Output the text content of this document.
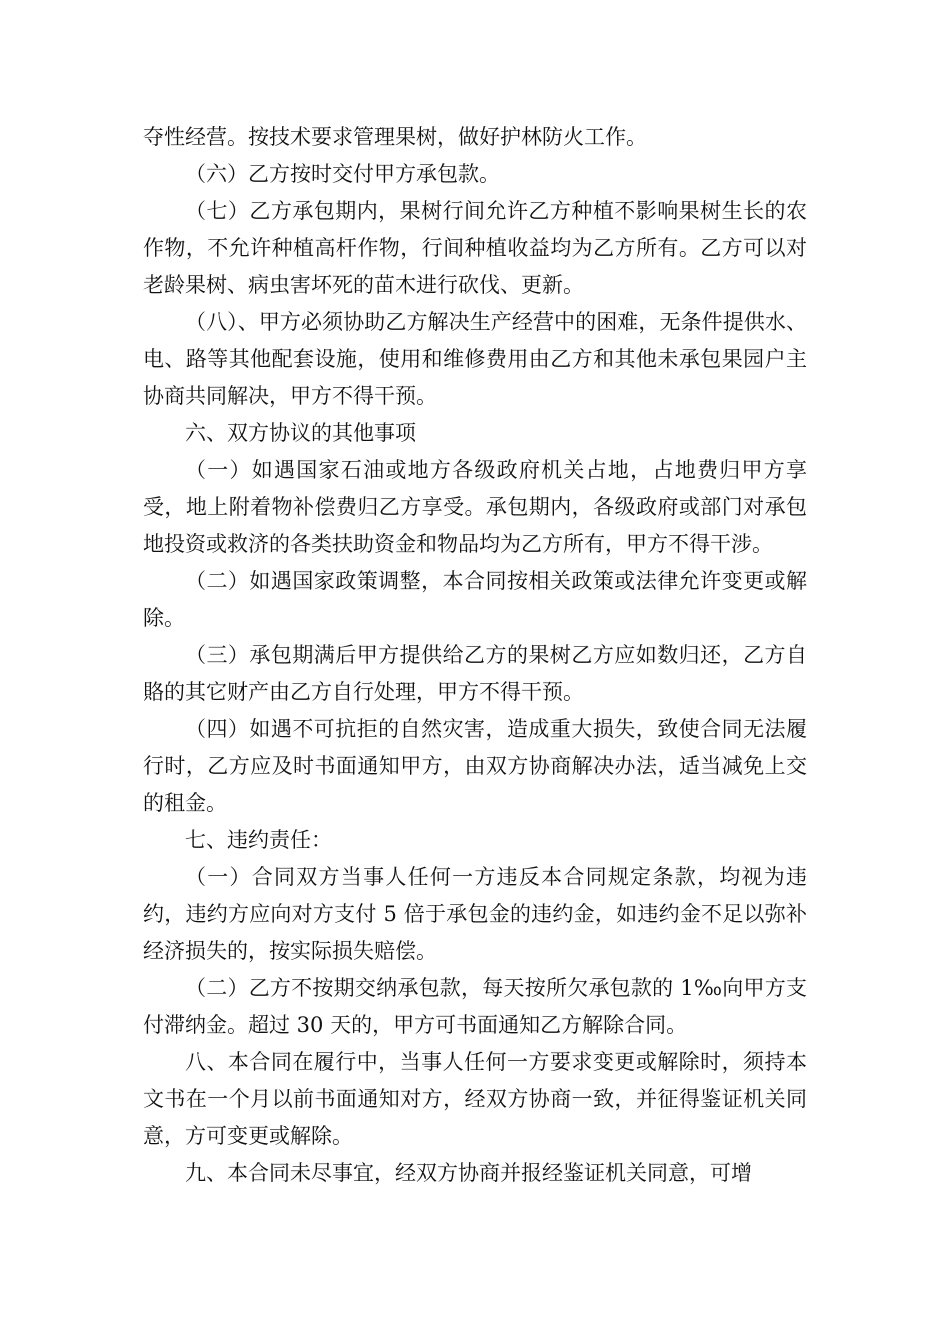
夺性经营。按技术要求管理果树，做好护林防火工作。

（六）乙方按时交付甲方承包款。

（七）乙方承包期内，果树行间允许乙方种植不影响果树生长的农作物，不允许种植高杆作物，行间种植收益均为乙方所有。乙方可以对老龄果树、病虫害坏死的苗木进行砍伐、更新。

（八）、甲方必须协助乙方解决生产经营中的困难，无条件提供水、电、路等其他配套设施，使用和维修费用由乙方和其他未承包果园户主协商共同解决，甲方不得干预。

六、双方协议的其他事项

（一）如遇国家石油或地方各级政府机关占地，占地费归甲方享受，地上附着物补偿费归乙方享受。承包期内，各级政府或部门对承包地投资或救济的各类扶助资金和物品均为乙方所有，甲方不得干涉。

（二）如遇国家政策调整，本合同按相关政策或法律允许变更或解除。

（三）承包期满后甲方提供给乙方的果树乙方应如数归还，乙方自賂的其它财产由乙方自行处理，甲方不得干预。

（四）如遇不可抗拒的自然灾害，造成重大损失，致使合同无法履行时，乙方应及时书面通知甲方，由双方协商解决办法，适当减免上交的租金。

七、违约责任：

（一）合同双方当事人任何一方违反本合同规定条款，均视为违约，违约方应向对方支付 5 倍于承包金的违约金，如违约金不足以弥补经济损失的，按实际损失赔偿。

（二）乙方不按期交纳承包款，每天按所欠承包款的 1‰向甲方支付滞纳金。超过 30 天的，甲方可书面通知乙方解除合同。

八、本合同在履行中，当事人任何一方要求变更或解除时，须持本文书在一个月以前书面通知对方，经双方协商一致，并征得鉴证机关同意，方可变更或解除。

九、本合同未尽事宜，经双方协商并报经鉴证机关同意，可增
